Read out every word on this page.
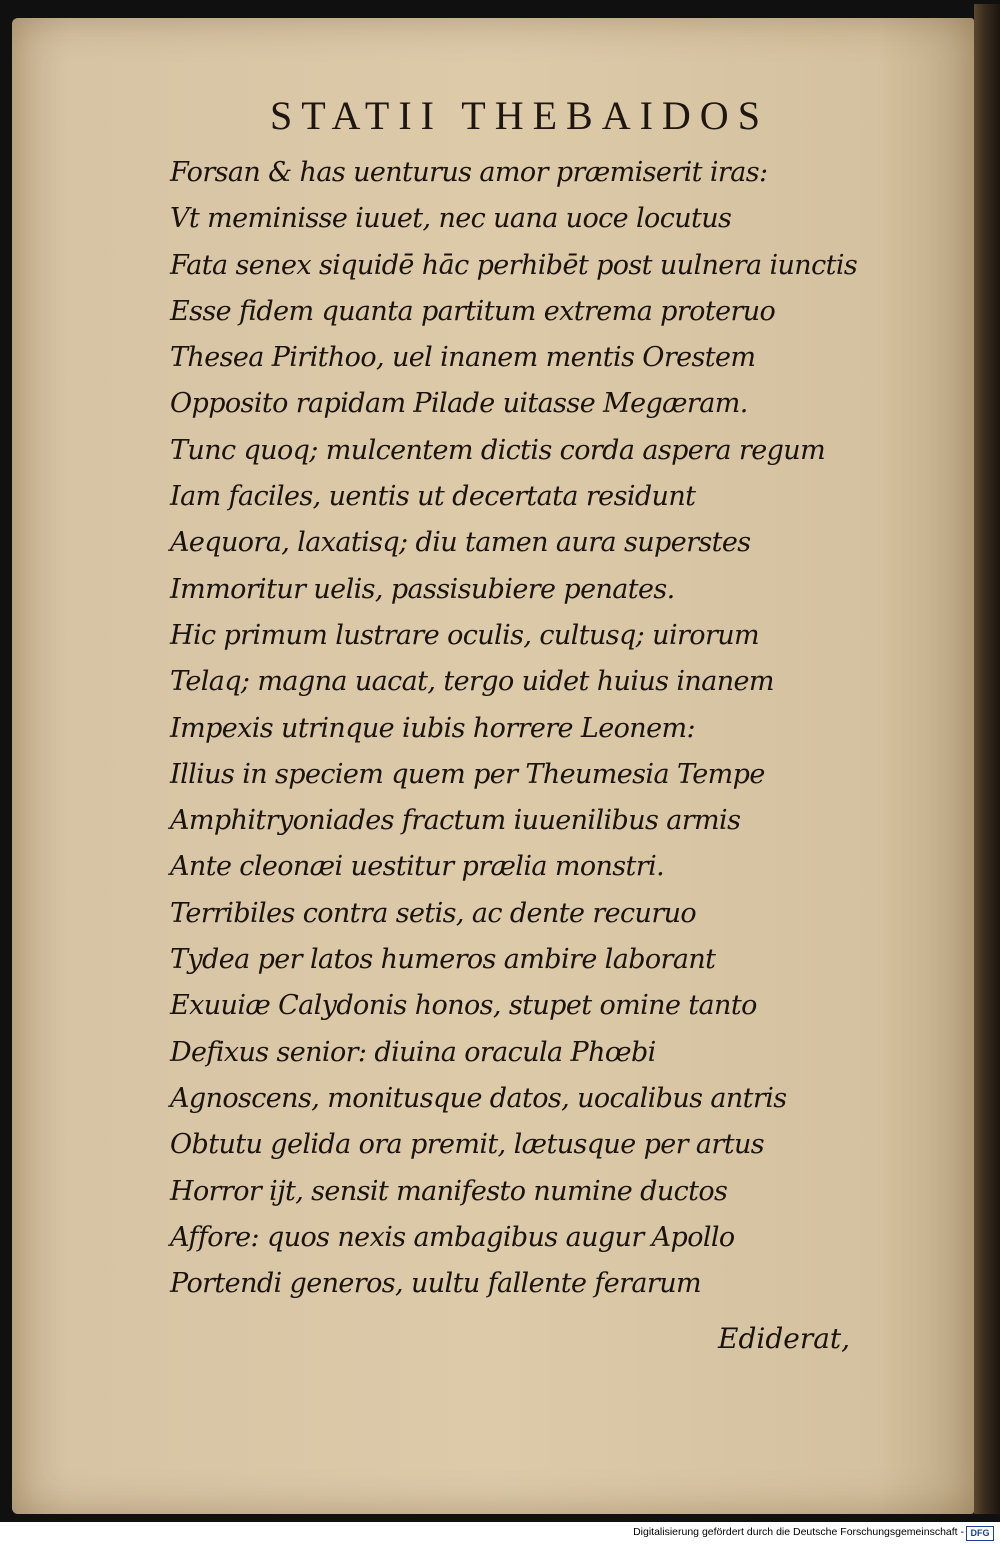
STATII THEBAIDOS
Forsan & has uenturus amor præmiserit iras:
Vt meminisse iuuet, nec uana uoce locutus
Fata senex siquidē hāc perhibēt post uulnera iunctis
Esse fidem quanta partitum extrema proteruo
Thesea Pirithoo, uel inanem mentis Orestem
Opposito rapidam Pilade uitasse Megæram.
Tunc quoq; mulcentem dictis corda aspera regum
Iam faciles, uentis ut decertata residunt
Aequora, laxatisq; diu tamen aura superstes
Immoritur uelis, passisubiere penates.
Hic primum lustrare oculis, cultusq; uirorum
Telaq; magna uacat, tergo uidet huius inanem
Impexis utrinque iubis horrere Leonem:
Illius in speciem quem per Theumesia Tempe
Amphitryoniades fractum iuuenilibus armis
Ante cleonæi uestitur prælia monstri.
Terribiles contra setis, ac dente recuruo
Tydea per latos humeros ambire laborant
Exuuiæ Calydonis honos, stupet omine tanto
Defixus senior: diuina oracula Phœbi
Agnoscens, monitusque datos, uocalibus antris
Obtutu gelida ora premit, lætusque per artus
Horror ijt, sensit manifesto numine ductos
Affore: quos nexis ambagibus augur Apollo
Portendi generos, uultu fallente ferarum
Ediderat,
Digitalisierung gefördert durch die Deutsche Forschungsgemeinschaft - DFG
